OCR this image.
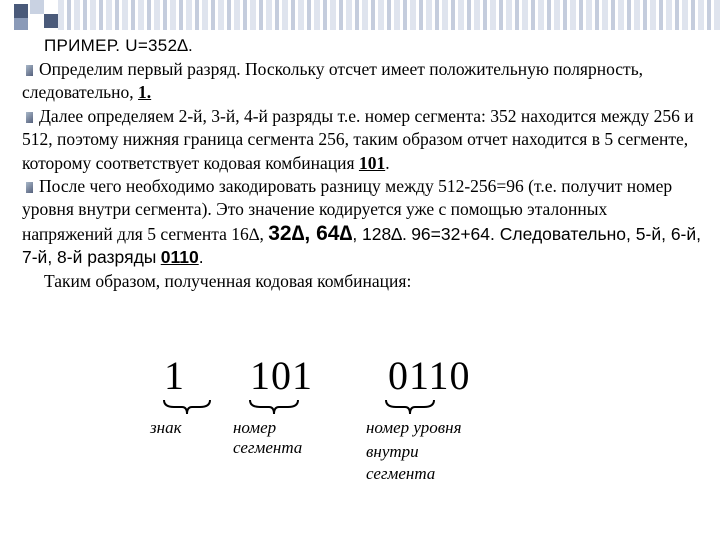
ПРИМЕР. U=352∆.

Определим первый разряд. Поскольку отсчет имеет положительную полярность, следовательно, 1.

Далее определяем 2-й, 3-й, 4-й разряды т.е. номер сегмента: 352 находится между 256 и 512, поэтому нижняя граница сегмента 256, таким образом отчет находится в 5 сегменте, которому соответствует кодовая комбинация 101.

После чего необходимо закодировать разницу между 512-256=96 (т.е. получит номер уровня внутри сегмента). Это значение кодируется уже с помощью эталонных напряжений для 5 сегмента 16∆, 32∆, 64∆, 128∆. 96=32+64. Следовательно, 5-й, 6-й, 7-й, 8-й разряды 0110.

Таким образом, полученная кодовая комбинация:

1 101 0110
знак	номер
сегмента
номер уровня
внутри
сегмента
